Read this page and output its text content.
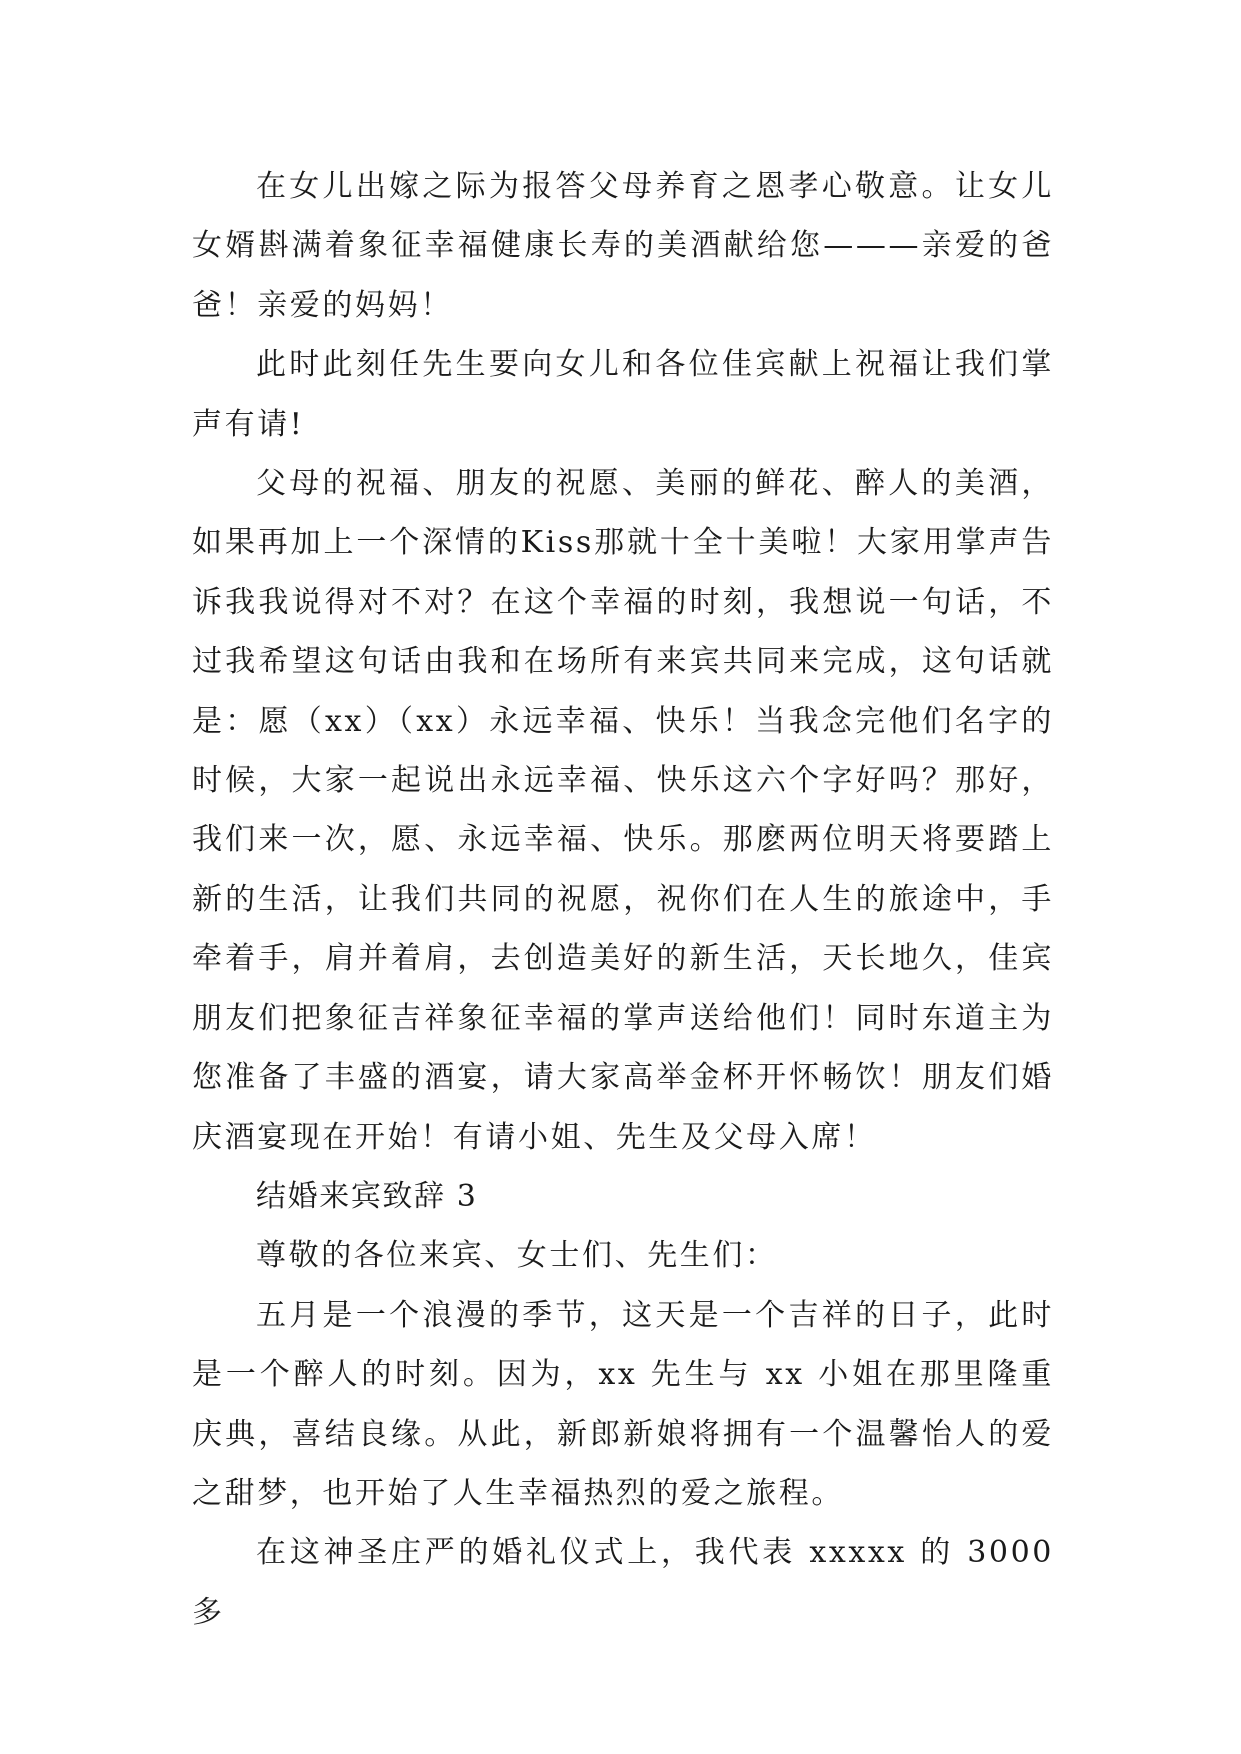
在女儿出嫁之际为报答父母养育之恩孝心敬意。让女儿女婿斟满着象征幸福健康长寿的美酒献给您———亲爱的爸爸！亲爱的妈妈！

此时此刻任先生要向女儿和各位佳宾献上祝福让我们掌声有请!

父母的祝福、朋友的祝愿、美丽的鲜花、醉人的美酒，如果再加上一个深情的Kiss那就十全十美啦！大家用掌声告诉我我说得对不对？在这个幸福的时刻，我想说一句话，不过我希望这句话由我和在场所有来宾共同来完成，这句话就是：愿（xx）（xx）永远幸福、快乐！当我念完他们名字的时候，大家一起说出永远幸福、快乐这六个字好吗？那好，我们来一次，愿、永远幸福、快乐。那麽两位明天将要踏上新的生活，让我们共同的祝愿，祝你们在人生的旅途中，手牵着手，肩并着肩，去创造美好的新生活，天长地久，佳宾朋友们把象征吉祥象征幸福的掌声送给他们！同时东道主为您准备了丰盛的酒宴，请大家高举金杯开怀畅饮！朋友们婚庆酒宴现在开始！有请小姐、先生及父母入席！

结婚来宾致辞 3

尊敬的各位来宾、女士们、先生们：

五月是一个浪漫的季节，这天是一个吉祥的日子，此时是一个醉人的时刻。因为，xx 先生与 xx 小姐在那里隆重庆典，喜结良缘。从此，新郎新娘将拥有一个温馨怡人的爱之甜梦，也开始了人生幸福热烈的爱之旅程。

在这神圣庄严的婚礼仪式上，我代表 xxxxx 的 3000 多
